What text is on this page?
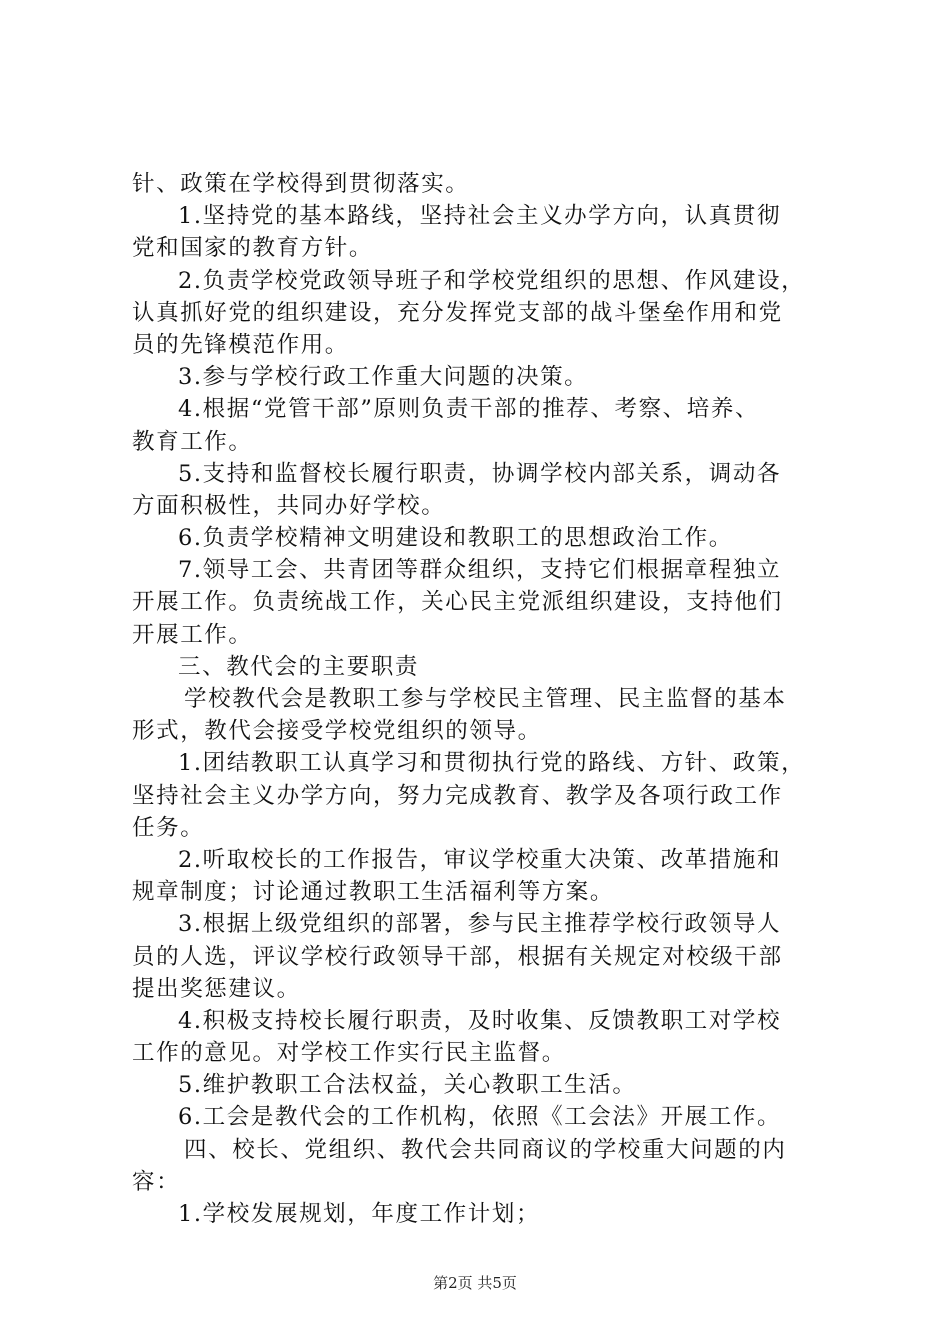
针、政策在学校得到贯彻落实。
1.坚持党的基本路线，坚持社会主义办学方向，认真贯彻
党和国家的教育方针。
2.负责学校党政领导班子和学校党组织的思想、作风建设，
认真抓好党的组织建设，充分发挥党支部的战斗堡垒作用和党
员的先锋模范作用。
3.参与学校行政工作重大问题的决策。
4.根据“党管干部”原则负责干部的推荐、考察、培养、
教育工作。
5.支持和监督校长履行职责，协调学校内部关系，调动各
方面积极性，共同办好学校。
6.负责学校精神文明建设和教职工的思想政治工作。
7.领导工会、共青团等群众组织，支持它们根据章程独立
开展工作。负责统战工作，关心民主党派组织建设，支持他们
开展工作。
三、教代会的主要职责
学校教代会是教职工参与学校民主管理、民主监督的基本
形式，教代会接受学校党组织的领导。
1.团结教职工认真学习和贯彻执行党的路线、方针、政策，
坚持社会主义办学方向，努力完成教育、教学及各项行政工作
任务。
2.听取校长的工作报告，审议学校重大决策、改革措施和
规章制度；讨论通过教职工生活福利等方案。
3.根据上级党组织的部署，参与民主推荐学校行政领导人
员的人选，评议学校行政领导干部，根据有关规定对校级干部
提出奖惩建议。
4.积极支持校长履行职责，及时收集、反馈教职工对学校
工作的意见。对学校工作实行民主监督。
5.维护教职工合法权益，关心教职工生活。
6.工会是教代会的工作机构，依照《工会法》开展工作。
四、校长、党组织、教代会共同商议的学校重大问题的内
容：
1.学校发展规划，年度工作计划；
第2页 共5页
